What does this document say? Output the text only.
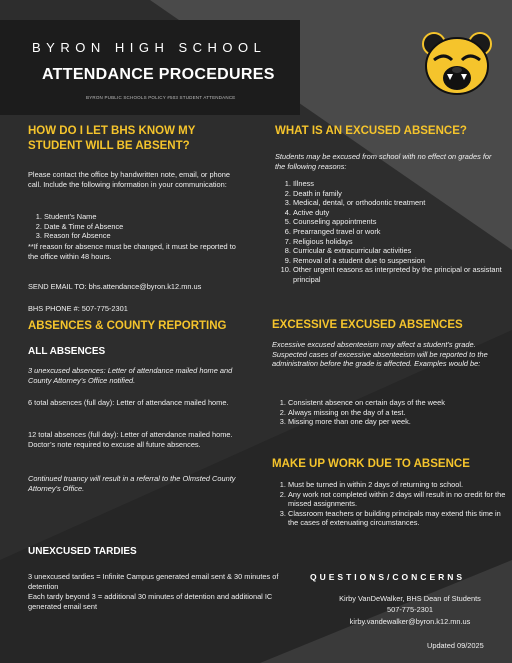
BYRON HIGH SCHOOL
ATTENDANCE PROCEDURES
BYRON PUBLIC SCHOOLS POLICY #503 STUDENT ATTENDANCE
HOW DO I LET BHS KNOW MY STUDENT WILL BE ABSENT?
Please contact the office by handwritten note, email, or phone call. Include the following information in your communication:
1. Student’s Name
2. Date & Time of Absence
3. Reason for Absence
**If reason for absence must be changed, it must be reported to the office within 48 hours.
SEND EMAIL TO: bhs.attendance@byron.k12.mn.us
BHS PHONE #: 507-775-2301
ABSENCES & COUNTY REPORTING
ALL ABSENCES
3 unexcused absences: Letter of attendance mailed home and County Attorney’s Office notified.
6 total absences (full day): Letter of attendance mailed home.
12 total absences (full day): Letter of attendance mailed home. Doctor’s note required to excuse all future absences.
Continued truancy will result in a referral to the Olmsted County Attorney’s Office.
UNEXCUSED TARDIES
3 unexcused tardies = Infinite Campus generated email sent & 30 minutes of detention
Each tardy beyond 3 = additional 30 minutes of detention and additional IC generated email sent
WHAT IS AN EXCUSED ABSENCE?
Students may be excused from school with no effect on grades for the following reasons:
1. Illness
2. Death in family
3. Medical, dental, or orthodontic treatment
4. Active duty
5. Counseling appointments
6. Prearranged travel or work
7. Religious holidays
8. Curricular & extracurricular activities
9. Removal of a student due to suspension
10. Other urgent reasons as interpreted by the principal or assistant principal
EXCESSIVE EXCUSED ABSENCES
Excessive excused absenteeism may affect a student’s grade. Suspected cases of excessive absenteeism will be reported to the administration before the grade is affected. Examples would be:
1. Consistent absence on certain days of the week
2. Always missing on the day of a test.
3. Missing more than one day per week.
MAKE UP WORK DUE TO ABSENCE
1. Must be turned in within 2 days of returning to school.
2. Any work not completed within 2 days will result in no credit for the missed assignments.
3. Classroom teachers or building principals may extend this time in the cases of extenuating circumstances.
QUESTIONS/CONCERNS
Kirby VanDeWalker, BHS Dean of Students
507-775-2301
kirby.vandewalker@byron.k12.mn.us
Updated 09/2025
